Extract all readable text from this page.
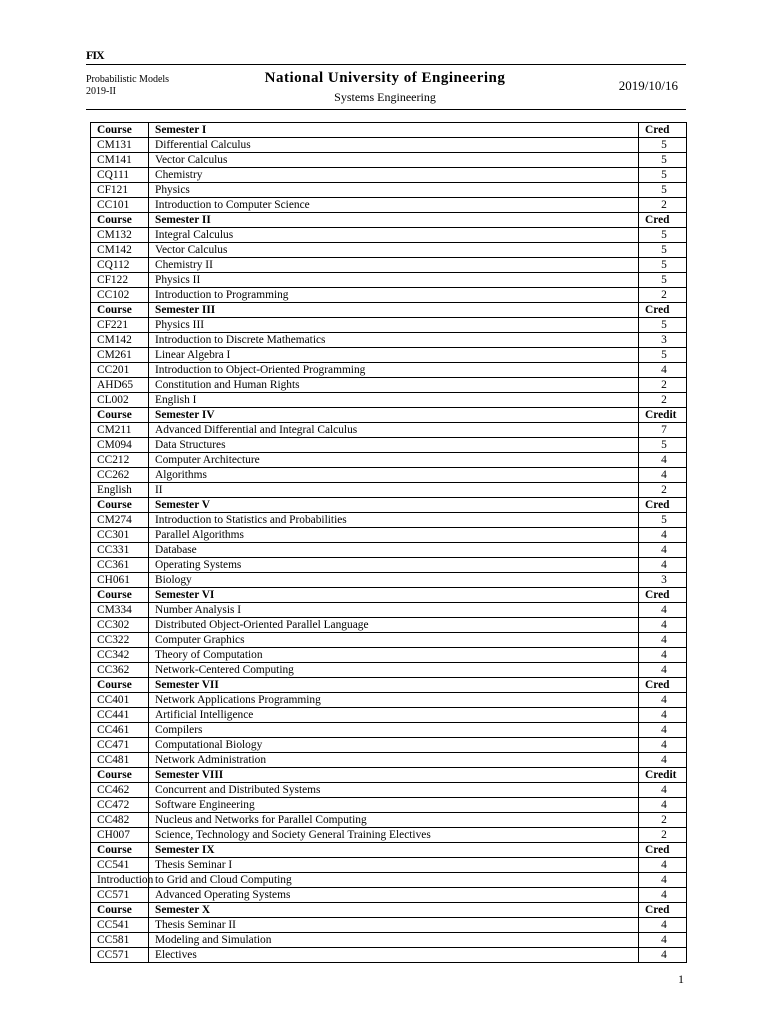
FIX
Probabilistic Models
2019-II
National University of Engineering
Systems Engineering
2019/10/16
Course	Semester I	Cred
CM131	Differential Calculus	5
CM141	Vector Calculus	5
CQ111	Chemistry	5
CF121	Physics	5
CC101	Introduction to Computer Science	2
Course	Semester II	Cred
CM132	Integral Calculus	5
CM142	Vector Calculus	5
CQ112	Chemistry II	5
CF122	Physics II	5
CC102	Introduction to Programming	2
Course	Semester III	Cred
CF221	Physics III	5
CM142	Introduction to Discrete Mathematics	3
CM261	Linear Algebra I	5
CC201	Introduction to Object-Oriented Programming	4
AHD65	Constitution and Human Rights	2
CL002	English I	2
Course	Semester IV	Credit
CM211	Advanced Differential and Integral Calculus	7
CM094	Data Structures	5
CC212	Computer Architecture	4
CC262	Algorithms	4
English	II	2
Course	Semester V	Cred
CM274	Introduction to Statistics and Probabilities	5
CC301	Parallel Algorithms	4
CC331	Database	4
CC361	Operating Systems	4
CH061	Biology	3
Course	Semester VI	Cred
CM334	Number Analysis I	4
CC302	Distributed Object-Oriented Parallel Language	4
CC322	Computer Graphics	4
CC342	Theory of Computation	4
CC362	Network-Centered Computing	4
Course	Semester VII	Cred
CC401	Network Applications Programming	4
CC441	Artificial Intelligence	4
CC461	Compilers	4
CC471	Computational Biology	4
CC481	Network Administration	4
Course	Semester VIII	Credit
CC462	Concurrent and Distributed Systems	4
CC472	Software Engineering	4
CC482	Nucleus and Networks for Parallel Computing	2
CH007	Science, Technology and Society General Training Electives	2
Course	Semester IX	Cred
CC541	Thesis Seminar I	4
Introduction	to Grid and Cloud Computing	4
CC571	Advanced Operating Systems	4
Course	Semester X	Cred
CC541	Thesis Seminar II	4
CC581	Modeling and Simulation	4
CC571	Electives	4
1
